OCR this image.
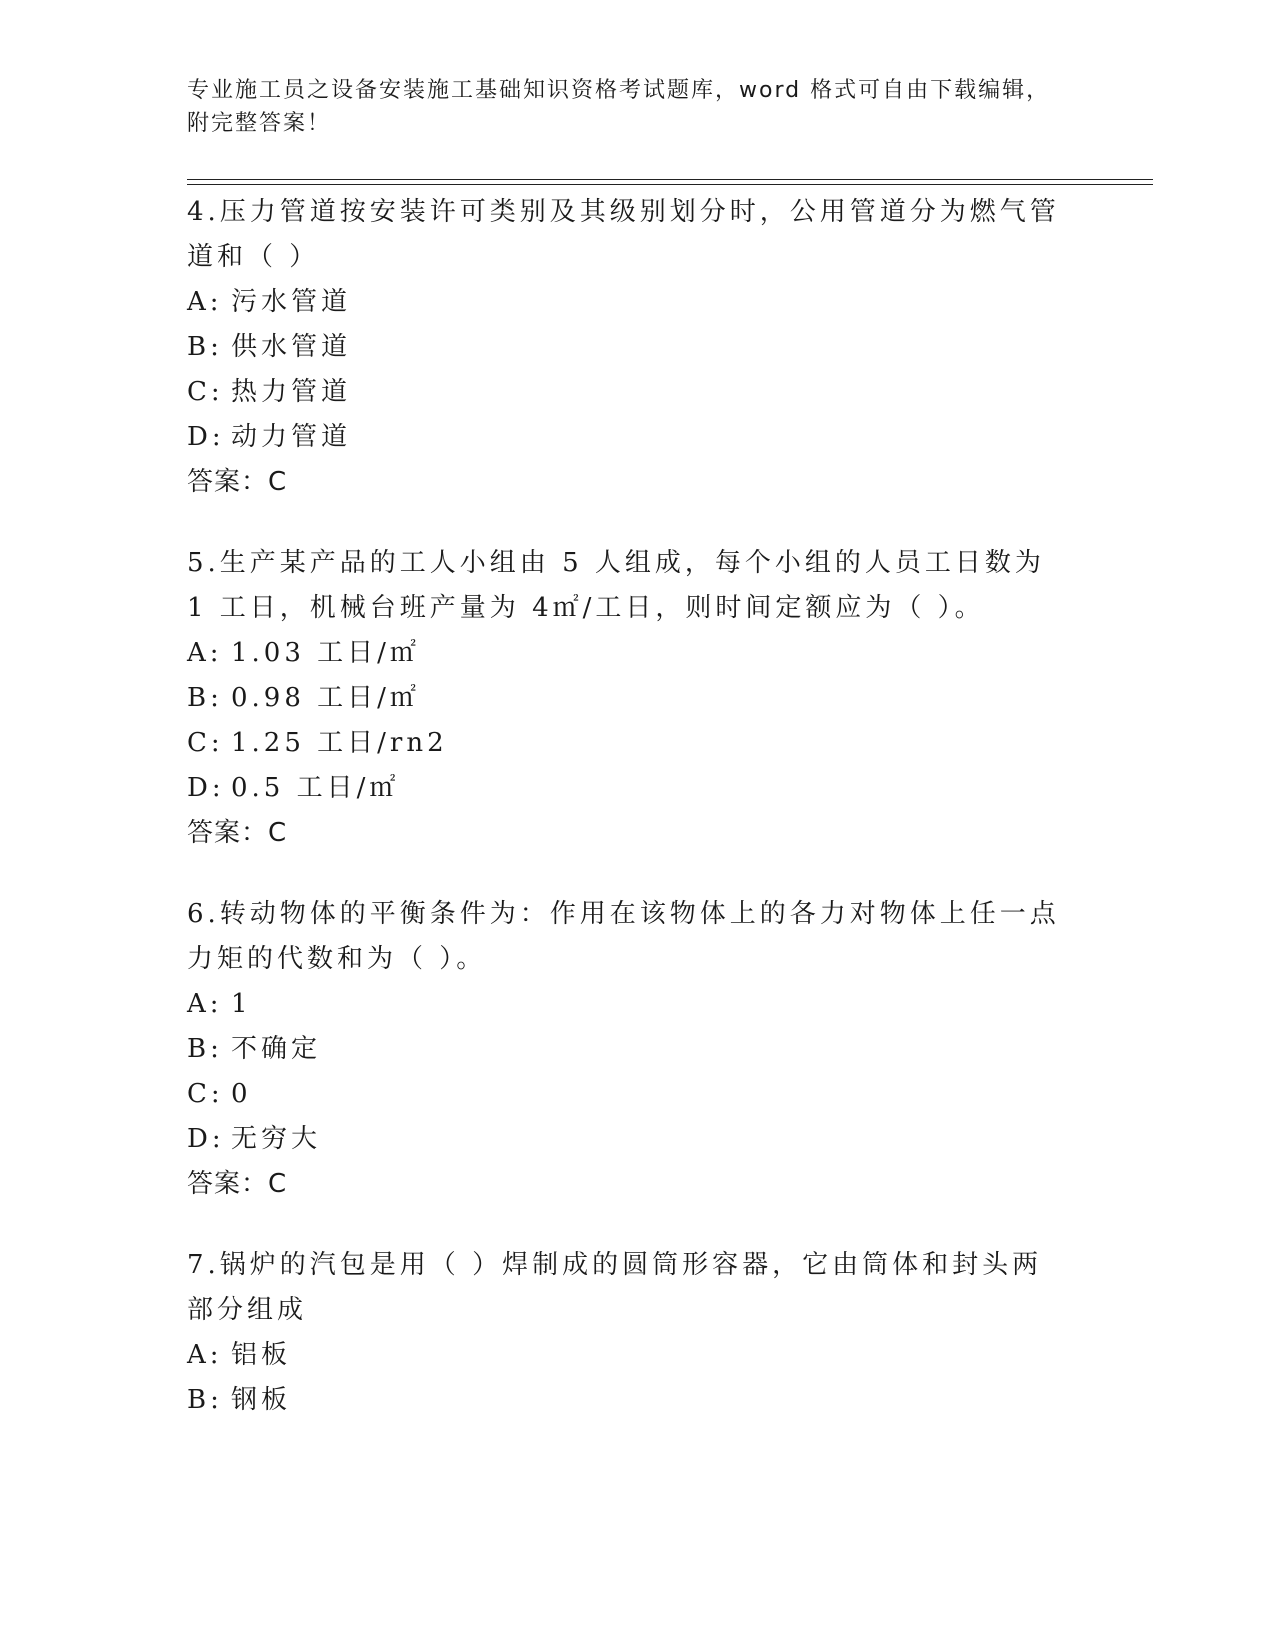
专业施工员之设备安装施工基础知识资格考试题库，word 格式可自由下载编辑，
附完整答案！

4.压力管道按安装许可类别及其级别划分时，公用管道分为燃气管道和（ ）

A: 污水管道
B: 供水管道
C: 热力管道
D: 动力管道

答案：C

5.生产某产品的工人小组由 5 人组成，每个小组的人员工日数为 1 工日，机械台班产量为 4㎡/工日，则时间定额应为（ ）。

A: 1.03 工日/㎡
B: 0.98 工日/㎡
C: 1.25 工日/rn2
D: 0.5 工日/㎡

答案：C

6.转动物体的平衡条件为：作用在该物体上的各力对物体上任一点力矩的代数和为（ ）。

A: 1
B: 不确定
C: 0
D: 无穷大

答案：C

7.锅炉的汽包是用（ ）焊制成的圆筒形容器，它由筒体和封头两部分组成

A: 铝板
B: 钢板
